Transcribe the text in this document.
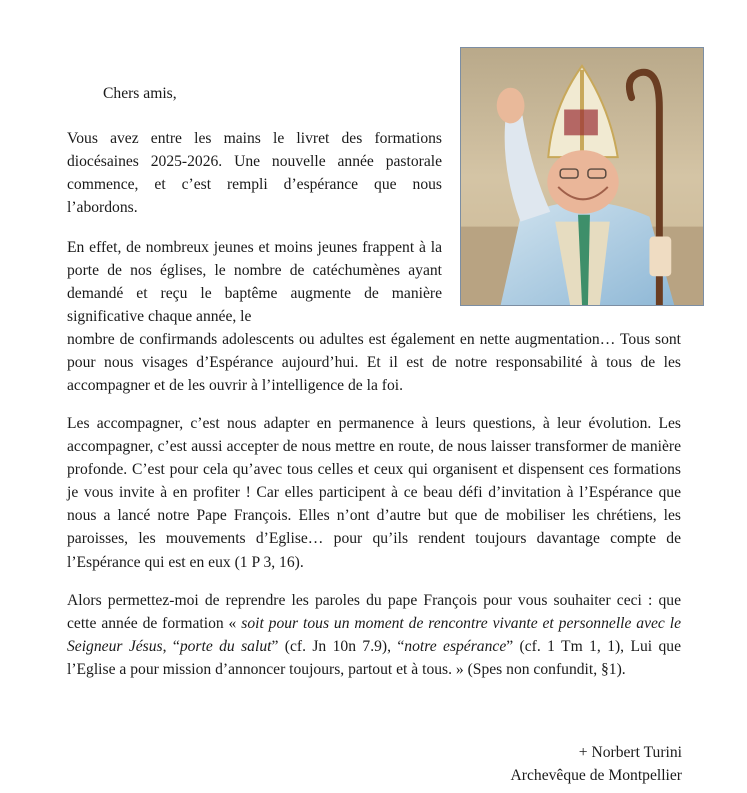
Chers amis,
Vous avez entre les mains le livret des formations diocésaines 2025-2026. Une nouvelle année pastorale commence, et c’est rempli d’espérance que nous l’abordons.
En effet, de nombreux jeunes et moins jeunes frappent à la porte de nos églises, le nombre de catéchumènes ayant demandé et reçu le baptême augmente de manière significative chaque année, le
nombre de confirmands adolescents ou adultes est également en nette augmentation… Tous sont pour nous visages d’Espérance aujourd’hui. Et il est de notre responsabilité à tous de les accompagner et de les ouvrir à l’intelligence de la foi.
Les accompagner, c’est nous adapter en permanence à leurs questions, à leur évolution. Les accompagner, c’est aussi accepter de nous mettre en route, de nous laisser transformer de manière profonde. C’est pour cela qu’avec tous celles et ceux qui organisent et dispensent ces formations je vous invite à en profiter ! Car elles participent à ce beau défi d’invitation à l’Espérance que nous a lancé notre Pape François. Elles n’ont d’autre but que de mobiliser les chrétiens, les paroisses, les mouvements d’Eglise… pour qu’ils rendent toujours davantage compte de l’Espérance qui est en eux (1 P 3, 16).
Alors permettez-moi de reprendre les paroles du pape François pour vous souhaiter ceci : que cette année de formation « soit pour tous un moment de rencontre vivante et personnelle avec le Seigneur Jésus, “porte du salut” (cf. Jn 10n 7.9), “notre espérance” (cf. 1 Tm 1, 1), Lui que l’Eglise a pour mission d’annoncer toujours, partout et à tous. » (Spes non confundit, §1).
+ Norbert Turini
Archevêque de Montpellier
